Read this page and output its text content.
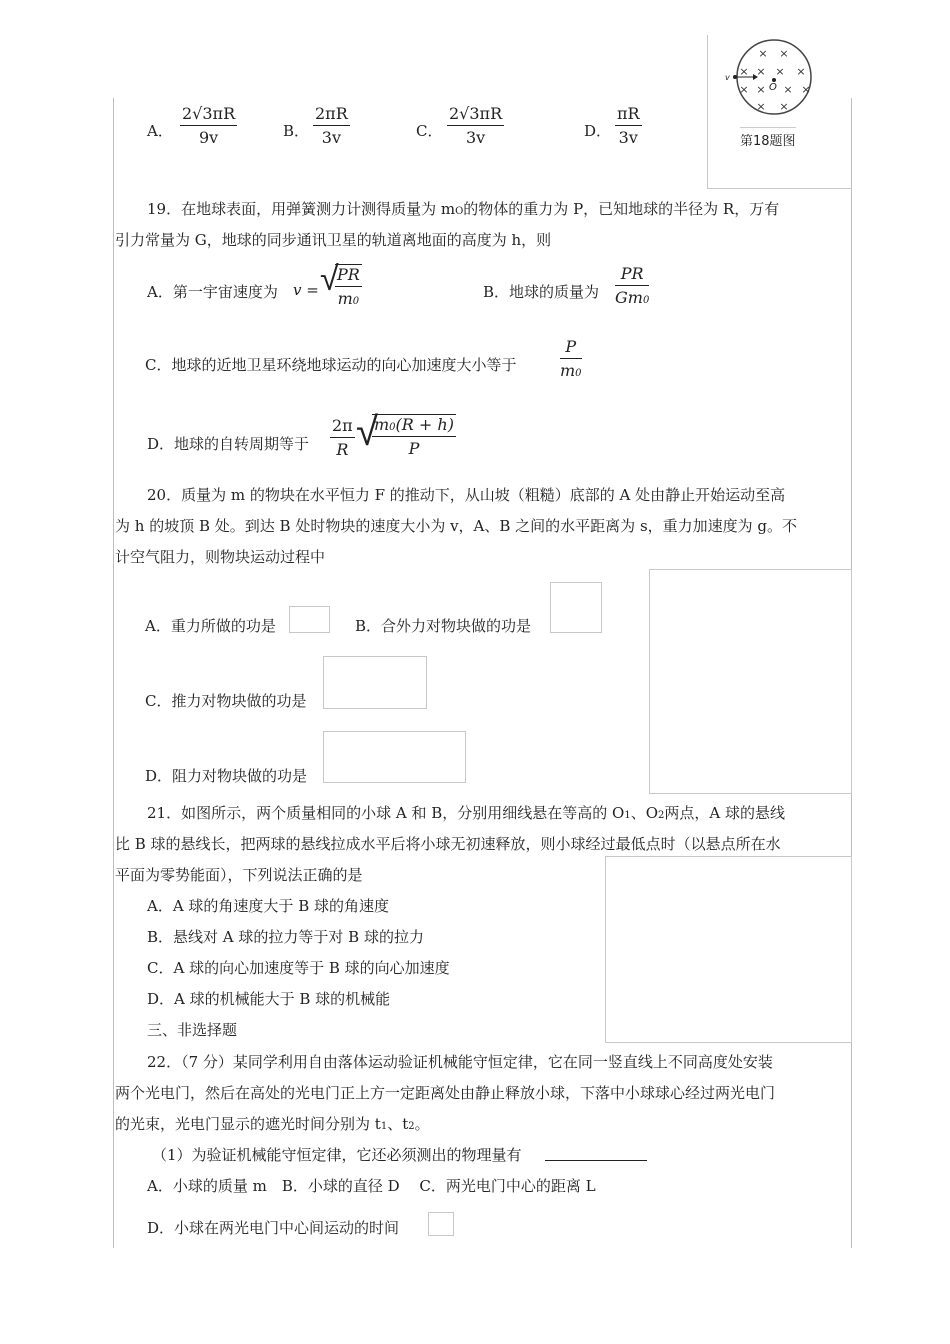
× ×
× × × ×
× × × ×
× ×
O
v
第18题图
A．
2√3πR
9v	B．
2πR
3v	C．
2√3πR
3v	D．
πR
3v
19．在地球表面，用弹簧测力计测得质量为 mO的物体的重力为 P，已知地球的半径为 R，万有
引力常量为 G，地球的同步通讯卫星的轨道离地面的高度为 h，则
A．第一宇宙速度为 v = √
PR
m0
B．地球的质量为
PR
Gm0
C．地球的近地卫星环绕地球运动的向心加速度大小等于
P
m0
D．地球的自转周期等于
2π
R √
m0(R + h)
P
20．质量为 m 的物块在水平恒力 F 的推动下，从山坡（粗糙）底部的 A 处由静止开始运动至高
为 h 的坡顶 B 处。到达 B 处时物块的速度大小为 v，A、B 之间的水平距离为 s，重力加速度为 g。不
计空气阻力，则物块运动过程中
A．重力所做的功是	B．合外力对物块做的功是
C．推力对物块做的功是
D．阻力对物块做的功是
21．如图所示，两个质量相同的小球 A 和 B，分别用细线悬在等高的 O1、O2两点，A 球的悬线
比 B 球的悬线长，把两球的悬线拉成水平后将小球无初速释放，则小球经过最低点时（以悬点所在水
平面为零势能面），下列说法正确的是
A．A 球的角速度大于 B 球的角速度
B．悬线对 A 球的拉力等于对 B 球的拉力
C．A 球的向心加速度等于 B 球的向心加速度
D．A 球的机械能大于 B 球的机械能
三、非选择题
22．（7 分）某同学利用自由落体运动验证机械能守恒定律，它在同一竖直线上不同高度处安装
两个光电门，然后在高处的光电门正上方一定距离处由静止释放小球，下落中小球球心经过两光电门
的光束，光电门显示的遮光时间分别为 t1、t2。
（1）为验证机械能守恒定律，它还必须测出的物理量有
A．小球的质量 m　B．小球的直径 D　 C．两光电门中心的距离 L
D．小球在两光电门中心间运动的时间
